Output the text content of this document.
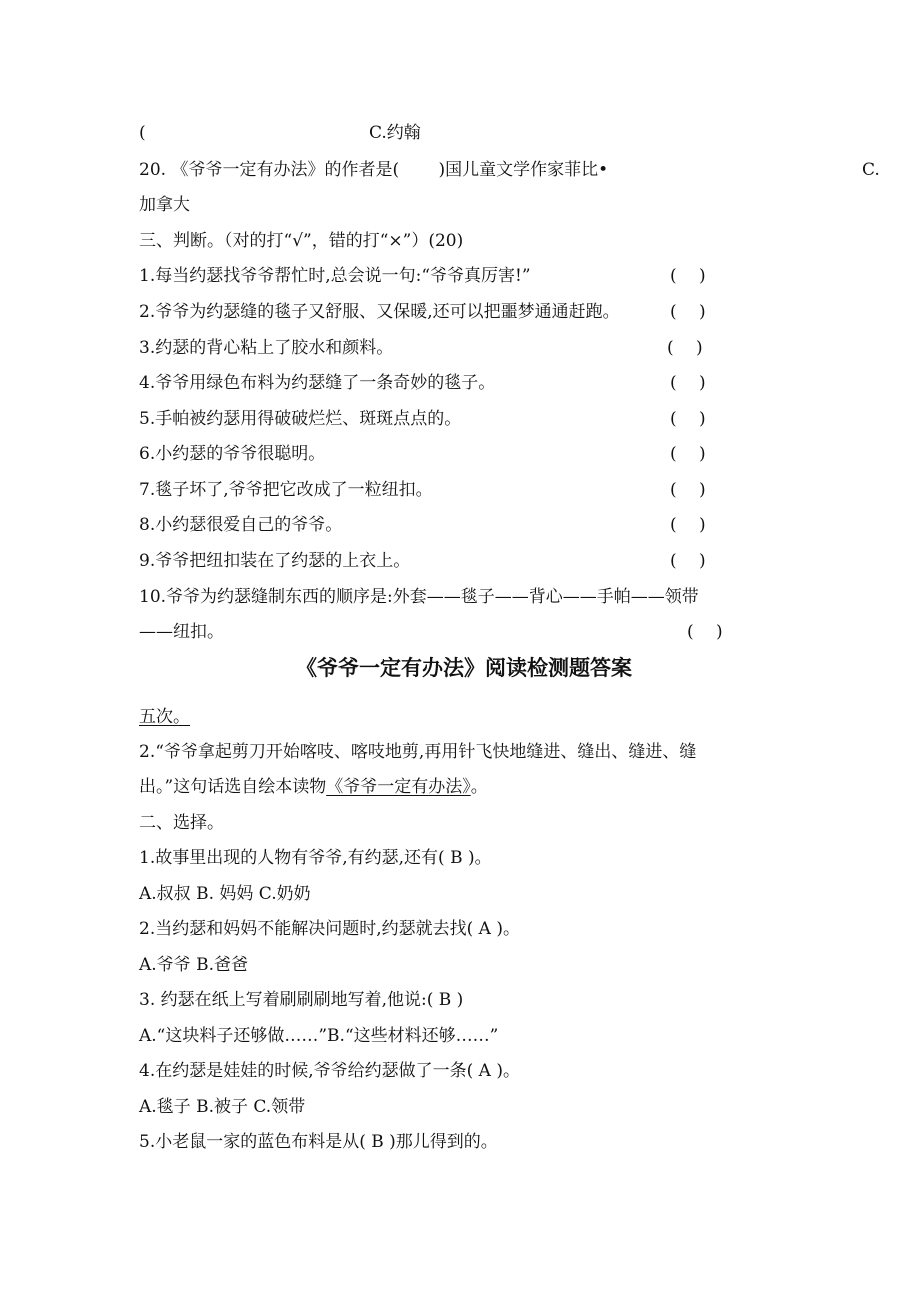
(	C.约翰
20. 《爷爷一定有办法》的作者是(　　 )国儿童文学作家菲比•	C.
加拿大
三、判断。（对的打“√”，错的打“×”）(20)
1.每当约瑟找爷爷帮忙时,总会说一句:“爷爷真厉害!”	(　 )
2.爷爷为约瑟缝的毯子又舒服、又保暖,还可以把噩梦通通赶跑。	(　 )
3.约瑟的背心粘上了胶水和颜料。	(　 )
4.爷爷用绿色布料为约瑟缝了一条奇妙的毯子。	(　 )
5.手帕被约瑟用得破破烂烂、斑斑点点的。	(　 )
6.小约瑟的爷爷很聪明。	(　 )
7.毯子坏了,爷爷把它改成了一粒纽扣。	(　 )
8.小约瑟很爱自己的爷爷。	(　 )
9.爷爷把纽扣装在了约瑟的上衣上。	(　 )
10.爷爷为约瑟缝制东西的顺序是:外套——毯子——背心——手帕——领带
——纽扣。	(　 )
《爷爷一定有办法》阅读检测题答案
五次。
2.“爷爷拿起剪刀开始喀吱、喀吱地剪,再用针飞快地缝进、缝出、缝进、缝
出。”这句话选自绘本读物《爷爷一定有办法》。
二、选择。
1.故事里出现的人物有爷爷,有约瑟,还有( B )。
A.叔叔 B. 妈妈 C.奶奶
2.当约瑟和妈妈不能解决问题时,约瑟就去找( A )。
A.爷爷 B.爸爸
3. 约瑟在纸上写着刷刷刷地写着,他说:( B )
A.“这块料子还够做……”B.“这些材料还够……”
4.在约瑟是娃娃的时候,爷爷给约瑟做了一条( A )。
A.毯子 B.被子 C.领带
5.小老鼠一家的蓝色布料是从( B )那儿得到的。
